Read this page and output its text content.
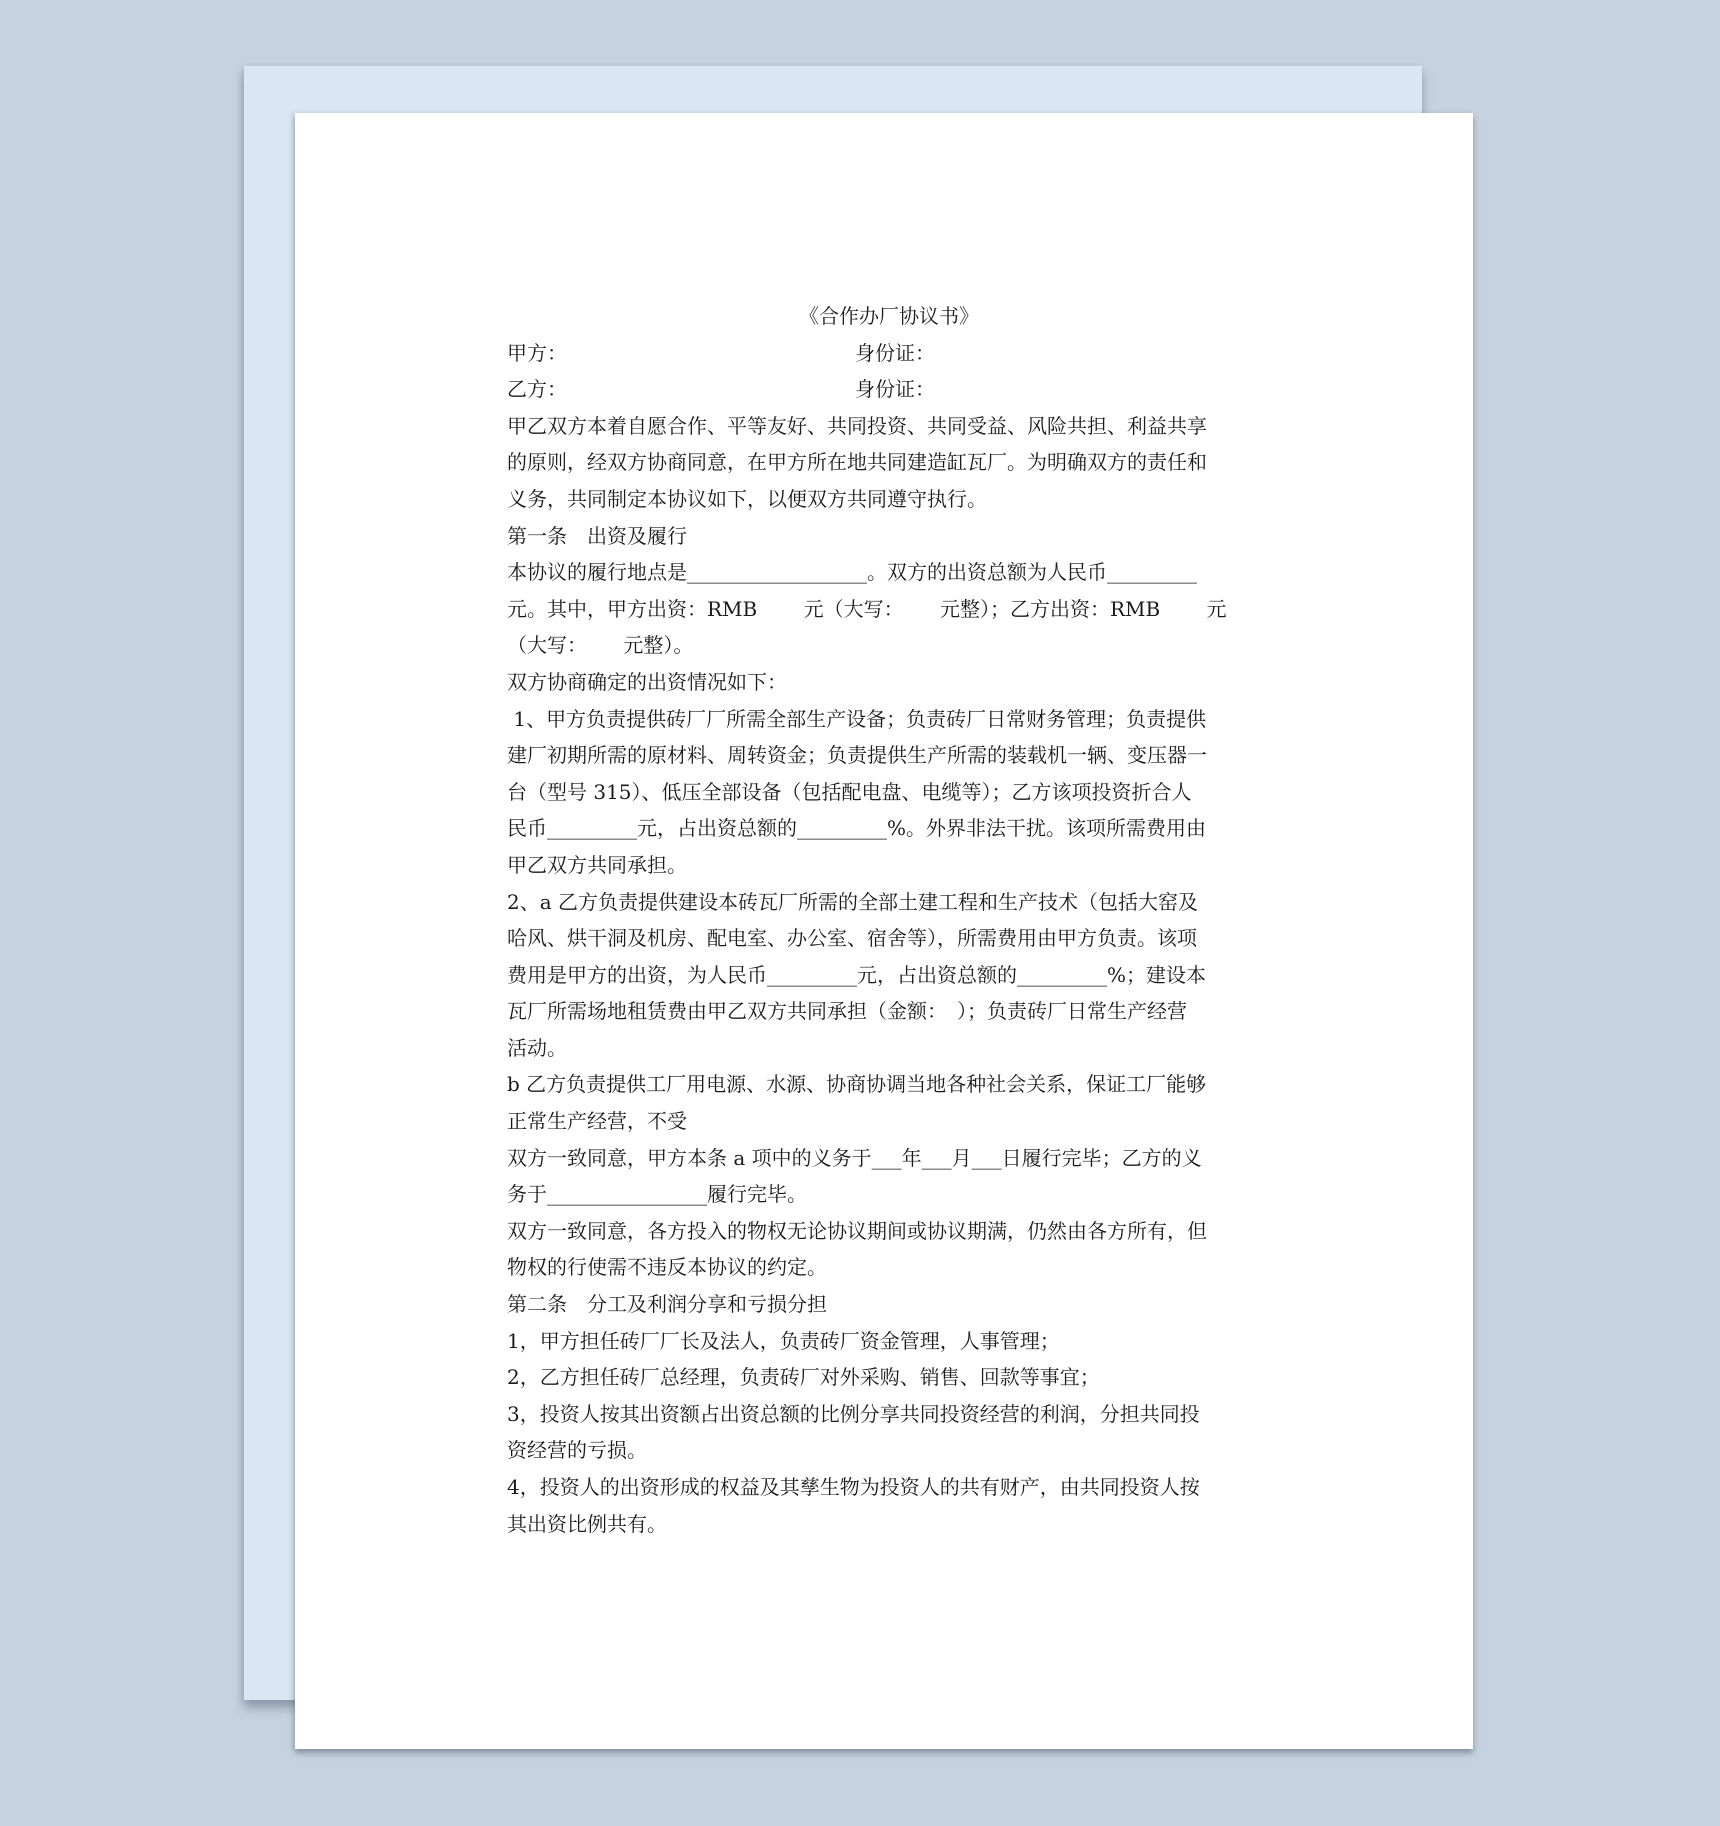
《合作办厂协议书》
甲方：	身份证：
乙方：	身份证：
甲乙双方本着自愿合作、平等友好、共同投资、共同受益、风险共担、利益共享
的原则，经双方协商同意，在甲方所在地共同建造缸瓦厂。为明确双方的责任和
义务，共同制定本协议如下，以便双方共同遵守执行。
第一条　出资及履行
本协议的履行地点是__________________。双方的出资总额为人民币_________
元。其中，甲方出资：RMB　　 元（大写：　　 元整）；乙方出资：RMB　　 元
（大写：　　 元整）。
双方协商确定的出资情况如下：
1、甲方负责提供砖厂厂所需全部生产设备；负责砖厂日常财务管理；负责提供
建厂初期所需的原材料、周转资金；负责提供生产所需的装载机一辆、变压器一
台（型号 315）、低压全部设备（包括配电盘、电缆等）；乙方该项投资折合人
民币_________元，占出资总额的_________%。外界非法干扰。该项所需费用由
甲乙双方共同承担。
2、a 乙方负责提供建设本砖瓦厂所需的全部土建工程和生产技术（包括大窑及
哈风、烘干洞及机房、配电室、办公室、宿舍等），所需费用由甲方负责。该项
费用是甲方的出资，为人民币_________元，占出资总额的_________%；建设本
瓦厂所需场地租赁费由甲乙双方共同承担（金额：　）；负责砖厂日常生产经营
活动。
b 乙方负责提供工厂用电源、水源、协商协调当地各种社会关系，保证工厂能够
正常生产经营，不受
双方一致同意，甲方本条 a 项中的义务于___年___月___日履行完毕；乙方的义
务于________________履行完毕。
双方一致同意，各方投入的物权无论协议期间或协议期满，仍然由各方所有，但
物权的行使需不违反本协议的约定。
第二条　分工及利润分享和亏损分担
1，甲方担任砖厂厂长及法人，负责砖厂资金管理，人事管理；
2，乙方担任砖厂总经理，负责砖厂对外采购、销售、回款等事宜；
3，投资人按其出资额占出资总额的比例分享共同投资经营的利润，分担共同投
资经营的亏损。
4，投资人的出资形成的权益及其孳生物为投资人的共有财产，由共同投资人按
其出资比例共有。
